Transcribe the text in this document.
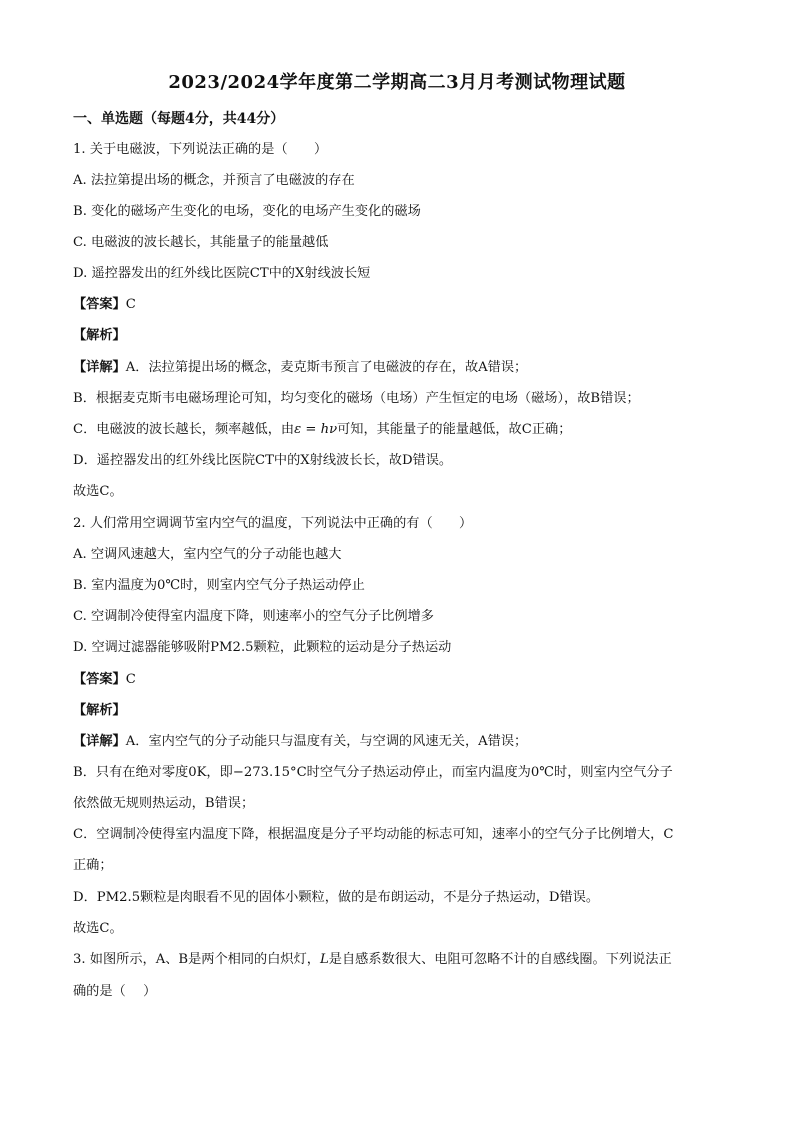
2023/2024学年度第二学期高二3月月考测试物理试题
一、单选题（每题4分，共44分）
1. 关于电磁波，下列说法正确的是（　　）
A. 法拉第提出场的概念，并预言了电磁波的存在
B. 变化的磁场产生变化的电场，变化的电场产生变化的磁场
C. 电磁波的波长越长，其能量子的能量越低
D. 遥控器发出的红外线比医院CT中的X射线波长短
【答案】C
【解析】
【详解】A．法拉第提出场的概念，麦克斯韦预言了电磁波的存在，故A错误；
B．根据麦克斯韦电磁场理论可知，均匀变化的磁场（电场）产生恒定的电场（磁场），故B错误；
C．电磁波的波长越长，频率越低，由ε = hν可知，其能量子的能量越低，故C正确；
D．遥控器发出的红外线比医院CT中的X射线波长长，故D错误。
故选C。
2. 人们常用空调调节室内空气的温度，下列说法中正确的有（　　）
A. 空调风速越大，室内空气的分子动能也越大
B. 室内温度为0℃时，则室内空气分子热运动停止
C. 空调制冷使得室内温度下降，则速率小的空气分子比例增多
D. 空调过滤器能够吸附PM2.5颗粒，此颗粒的运动是分子热运动
【答案】C
【解析】
【详解】A．室内空气的分子动能只与温度有关，与空调的风速无关，A错误；
B．只有在绝对零度0K，即−273.15°C时空气分子热运动停止，而室内温度为0℃时，则室内空气分子
依然做无规则热运动，B错误；
C．空调制冷使得室内温度下降，根据温度是分子平均动能的标志可知，速率小的空气分子比例增大，C
正确；
D．PM2.5颗粒是肉眼看不见的固体小颗粒，做的是布朗运动，不是分子热运动，D错误。
故选C。
3. 如图所示，A、B是两个相同的白炽灯，L是自感系数很大、电阻可忽略不计的自感线圈。下列说法正
确的是（　 ）
